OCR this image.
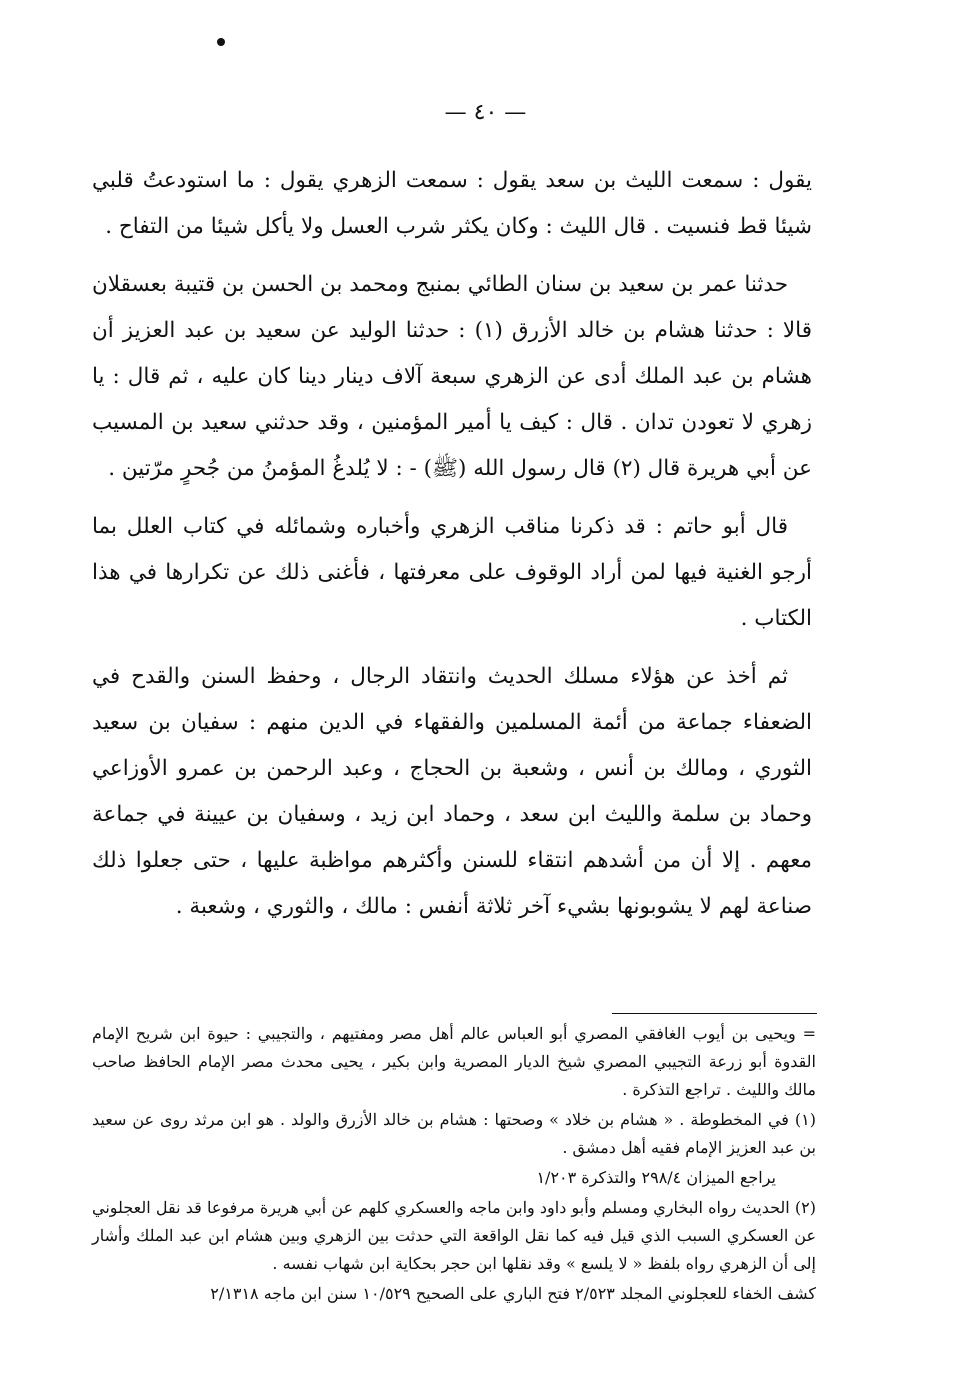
— ٤٠ —

يقول : سمعت الليث بن سعد يقول : سمعت الزهري يقول : ما استودعتُ قلبي شيئا قط فنسيت . قال الليث : وكان يكثر شرب العسل ولا يأكل شيئا من التفاح .

حدثنا عمر بن سعيد بن سنان الطائي بمنبج ومحمد بن الحسن بن قتيبة بعسقلان قالا : حدثنا هشام بن خالد الأزرق (١) : حدثنا الوليد عن سعيد بن عبد العزيز أن هشام بن عبد الملك أدى عن الزهري سبعة آلاف دينار دينا كان عليه ، ثم قال : يا زهري لا تعودن تدان . قال : كيف يا أمير المؤمنين ، وقد حدثني سعيد بن المسيب عن أبي هريرة قال (٢) قال رسول الله (ﷺ) - : لا يُلدغُ المؤمنُ من جُحرٍ مرّتين .

قال أبو حاتم : قد ذكرنا مناقب الزهري وأخباره وشمائله في كتاب العلل بما أرجو الغنية فيها لمن أراد الوقوف على معرفتها ، فأغنى ذلك عن تكرارها في هذا الكتاب .

ثم أخذ عن هؤلاء مسلك الحديث وانتقاد الرجال ، وحفظ السنن والقدح في الضعفاء جماعة من أئمة المسلمين والفقهاء في الدين منهم : سفيان بن سعيد الثوري ، ومالك بن أنس ، وشعبة بن الحجاج ، وعبد الرحمن بن عمرو الأوزاعي وحماد بن سلمة والليث ابن سعد ، وحماد ابن زيد ، وسفيان بن عيينة في جماعة معهم . إلا أن من أشدهم انتقاء للسنن وأكثرهم مواظبة عليها ، حتى جعلوا ذلك صناعة لهم لا يشوبونها بشيء آخر ثلاثة أنفس : مالك ، والثوري ، وشعبة .

= ويحيى بن أيوب الغافقي المصري أبو العباس عالم أهل مصر ومفتيهم ، والتجيبي : حيوة ابن شريح الإمام القدوة أبو زرعة التجيبي المصري شيخ الديار المصرية وابن بكير ، يحيى محدث مصر الإمام الحافظ صاحب مالك والليث . تراجع التذكرة .

(١) في المخطوطة . « هشام بن خلاد » وصحتها : هشام بن خالد الأزرق والولد . هو ابن مرثد روى عن سعيد بن عبد العزيز الإمام فقيه أهل دمشق .

يراجع الميزان ٢٩٨/٤ والتذكرة ١/٢٠٣

(٢) الحديث رواه البخاري ومسلم وأبو داود وابن ماجه والعسكري كلهم عن أبي هريرة مرفوعا قد نقل العجلوني عن العسكري السبب الذي قيل فيه كما نقل الواقعة التي حدثت بين الزهري وبين هشام ابن عبد الملك وأشار إلى أن الزهري رواه بلفظ « لا يلسع » وقد نقلها ابن حجر بحكاية ابن شهاب نفسه .

كشف الخفاء للعجلوني المجلد ٢/٥٢٣ فتح الباري على الصحيح ١٠/٥٢٩ سنن ابن ماجه ٢/١٣١٨
